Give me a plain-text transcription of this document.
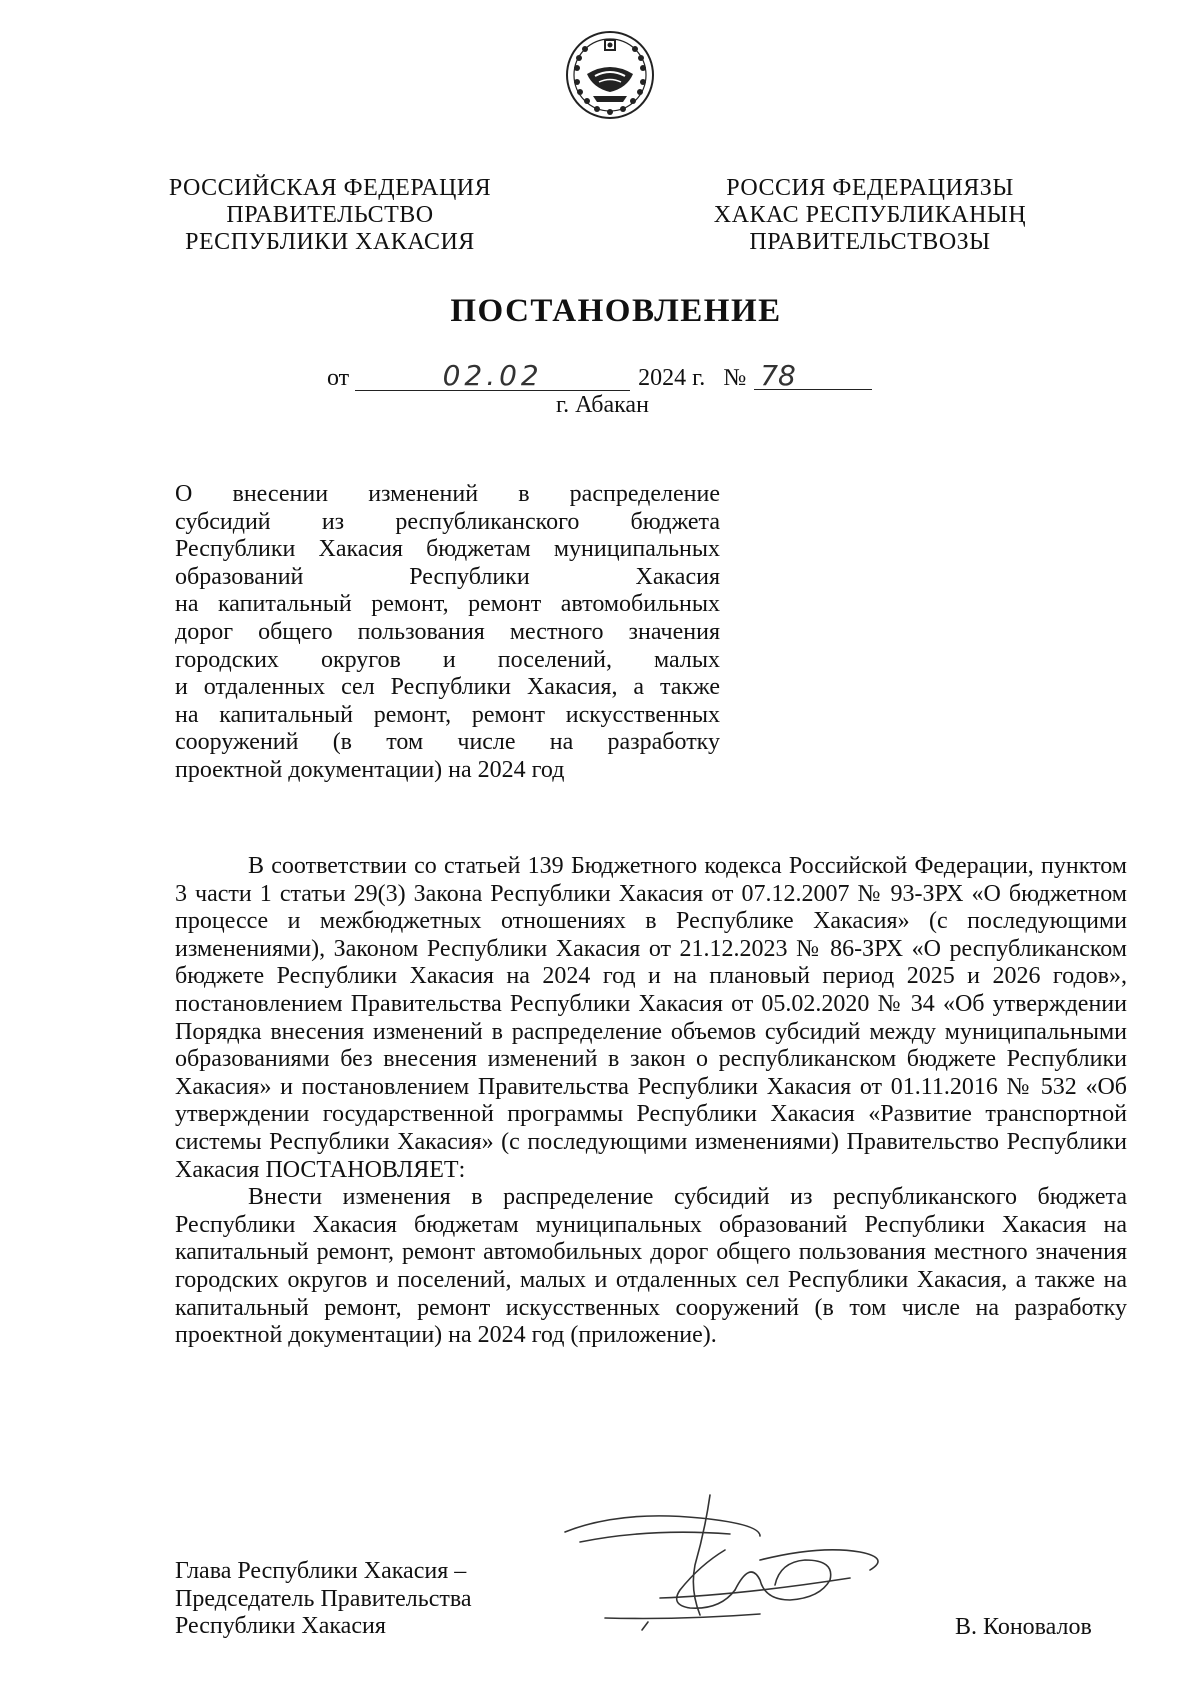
РОССИЙСКАЯ ФЕДЕРАЦИЯ
ПРАВИТЕЛЬСТВО
РЕСПУБЛИКИ ХАКАСИЯ
РОССИЯ ФЕДЕРАЦИЯЗЫ
ХАКАС РЕСПУБЛИКАНЫҢ
ПРАВИТЕЛЬСТВОЗЫ
ПОСТАНОВЛЕНИЕ
от	02.02	2024 г. № 78
г. Абакан
О внесении изменений в распределение
субсидий из республиканского бюджета
Республики Хакасия бюджетам муниципальных
образований Республики Хакасия
на капитальный ремонт, ремонт автомобильных
дорог общего пользования местного значения
городских округов и поселений, малых
и отдаленных сел Республики Хакасия, а также
на капитальный ремонт, ремонт искусственных
сооружений (в том числе на разработку
проектной документации) на 2024 год

В соответствии со статьей 139 Бюджетного кодекса Российской Федерации, пунктом 3 части 1 статьи 29(3) Закона Республики Хакасия от 07.12.2007 № 93-ЗРХ «О бюджетном процессе и межбюджетных отношениях в Республике Хакасия» (с последующими изменениями), Законом Республики Хакасия от 21.12.2023 № 86-ЗРХ «О республиканском бюджете Республики Хакасия на 2024 год и на плановый период 2025 и 2026 годов», постановлением Правительства Республики Хакасия от 05.02.2020 № 34 «Об утверждении Порядка внесения изменений в распределение объемов субсидий между муниципальными образованиями без внесения изменений в закон о республиканском бюджете Республики Хакасия» и постановлением Правительства Республики Хакасия от 01.11.2016 № 532 «Об утверждении государственной программы Республики Хакасия «Развитие транспортной системы Республики Хакасия» (с последующими изменениями) Правительство Республики Хакасия ПОСТАНОВЛЯЕТ:

Внести изменения в распределение субсидий из республиканского бюджета Республики Хакасия бюджетам муниципальных образований Республики Хакасия на капитальный ремонт, ремонт автомобильных дорог общего пользования местного значения городских округов и поселений, малых и отдаленных сел Республики Хакасия, а также на капитальный ремонт, ремонт искусственных сооружений (в том числе на разработку проектной документации) на 2024 год (приложение).

Глава Республики Хакасия –
Председатель Правительства
Республики Хакасия	В. Коновалов
